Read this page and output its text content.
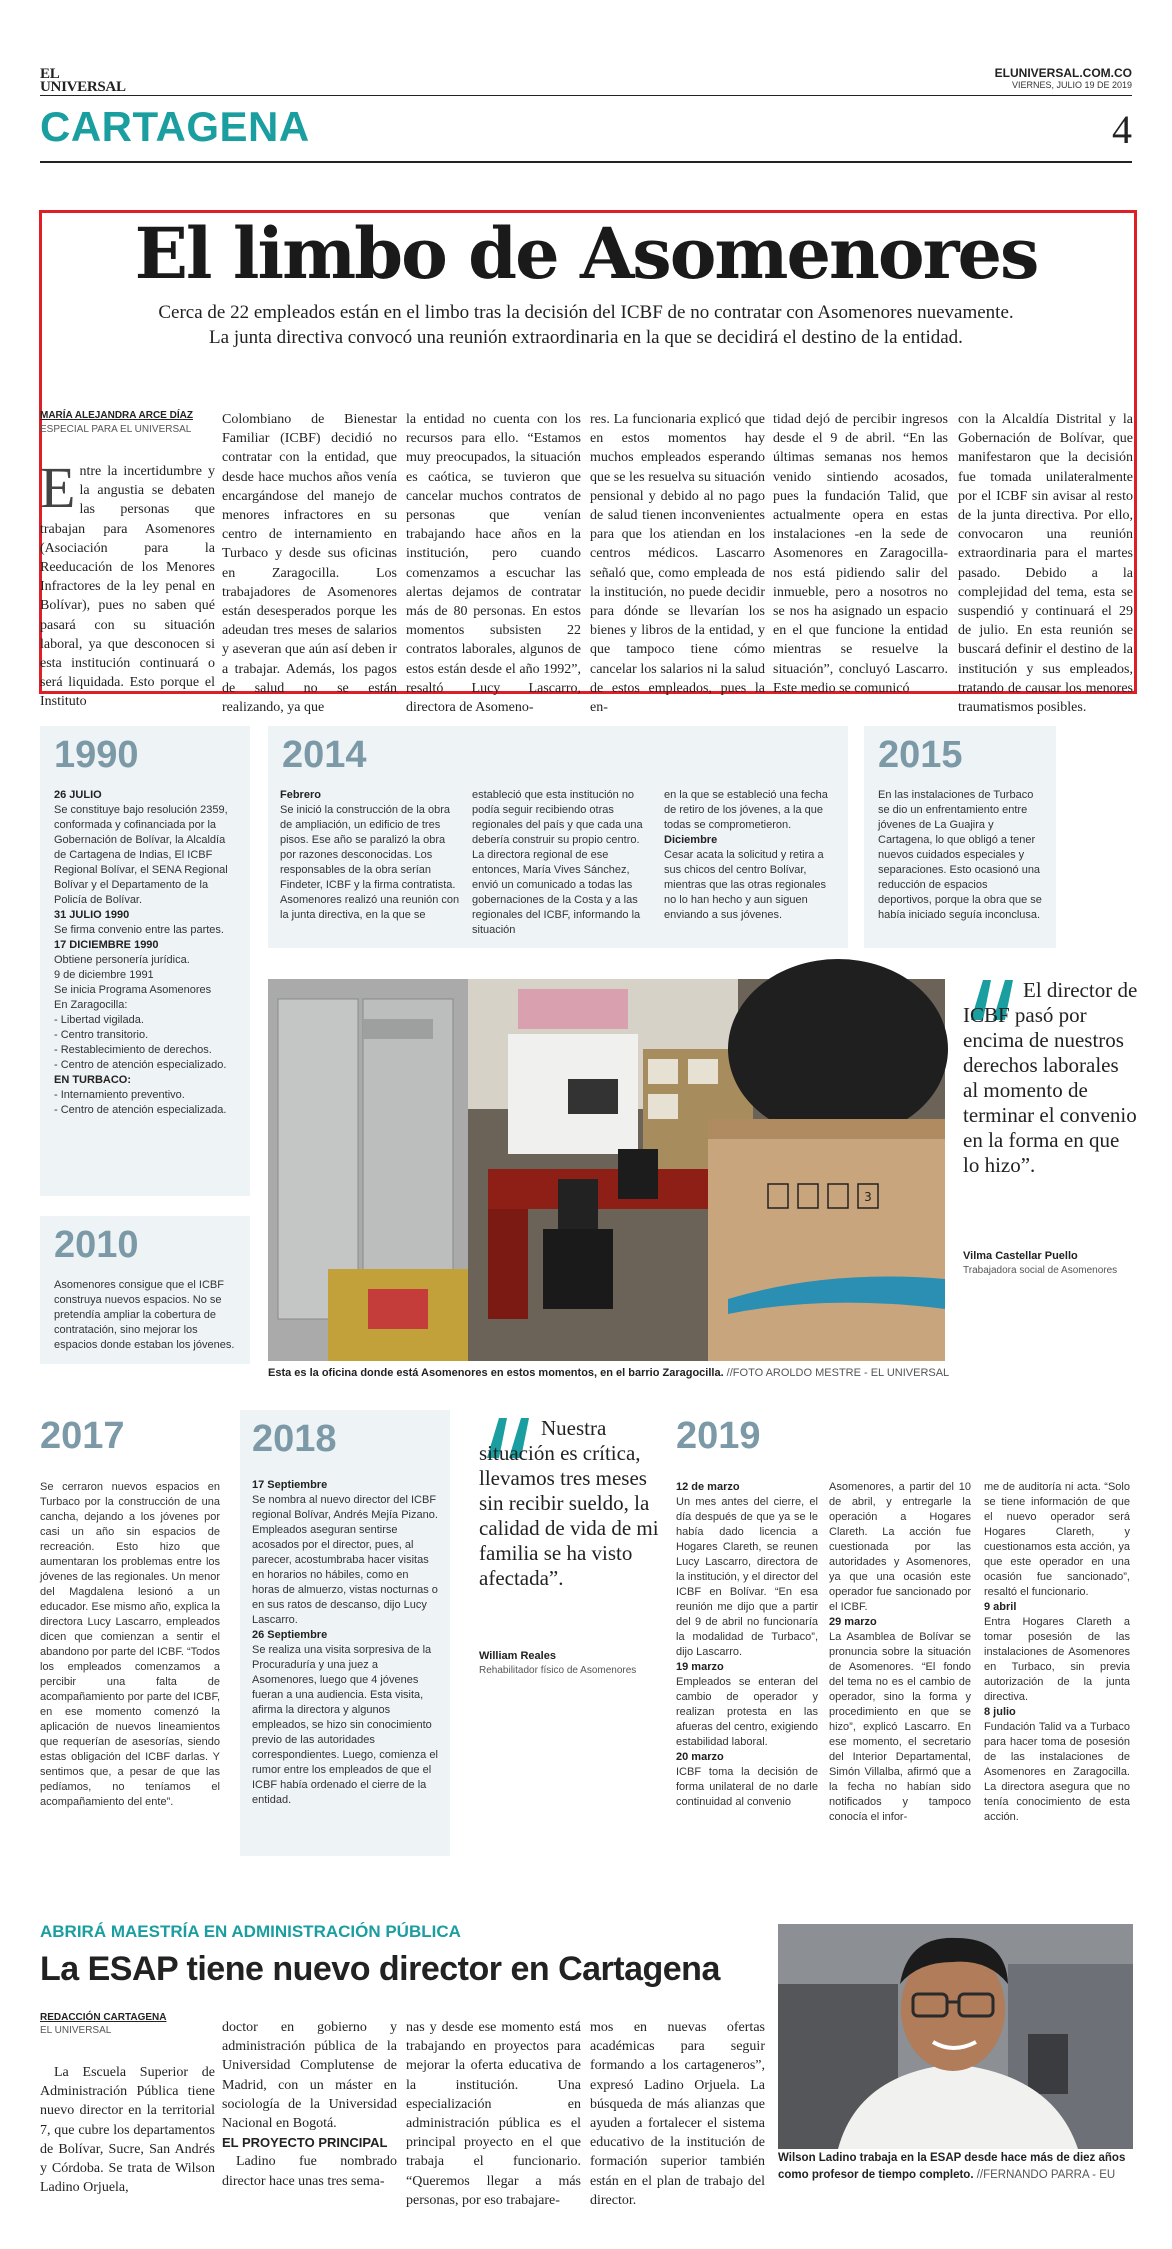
EL
UNIVERSAL
ELUNIVERSAL.COM.CO
VIERNES, JULIO 19 DE 2019
CARTAGENA	4
El limbo de Asomenores
Cerca de 22 empleados están en el limbo tras la decisión del ICBF de no contratar con Asomenores nuevamente.
La junta directiva convocó una reunión extraordinaria en la que se decidirá el destino de la entidad.
MARÍA ALEJANDRA ARCE DÍAZ
ESPECIAL PARA EL UNIVERSAL
Entre la incertidumbre y la angustia se debaten las personas que trabajan para Asomenores (Asociación para la Reeducación de los Menores Infractores de la ley penal en Bolívar), pues no saben qué pasará con su situación laboral, ya que desconocen si esta institución continuará o será liquidada. Esto porque el Instituto
Colombiano de Bienestar Familiar (ICBF) decidió no contratar con la entidad, que desde hace muchos años venía encargándose del manejo de menores infractores en su centro de internamiento en Turbaco y desde sus oficinas en Zaragocilla. Los trabajadores de Asomenores están desesperados porque les adeudan tres meses de salarios y aseveran que aún así deben ir a trabajar. Además, los pagos de salud no se están realizando, ya que
la entidad no cuenta con los recursos para ello. “Estamos muy preocupados, la situación es caótica, se tuvieron que cancelar muchos contratos de personas que venían trabajando hace años en la institución, pero cuando comenzamos a escuchar las alertas dejamos de contratar más de 80 personas. En estos momentos subsisten 22 contratos laborales, algunos de estos están desde el año 1992”, resaltó Lucy Lascarro, directora de Asomeno-
res. La funcionaria explicó que en estos momentos hay muchos empleados esperando que se les resuelva su situación pensional y debido al no pago de salud tienen inconvenientes para que los atiendan en los centros médicos. Lascarro señaló que, como empleada de la institución, no puede decidir para dónde se llevarían los bienes y libros de la entidad, y que tampoco tiene cómo cancelar los salarios ni la salud de estos empleados, pues la en-
tidad dejó de percibir ingresos desde el 9 de abril. “En las últimas semanas nos hemos venido sintiendo acosados, pues la fundación Talid, que actualmente opera en estas instalaciones -en la sede de Asomenores en Zaragocilla- nos está pidiendo salir del inmueble, pero a nosotros no se nos ha asignado un espacio en el que funcione la entidad mientras se resuelve la situación”, concluyó Lascarro. Este medio se comunicó
con la Alcaldía Distrital y la Gobernación de Bolívar, que manifestaron que la decisión fue tomada unilateralmente por el ICBF sin avisar al resto de la junta directiva. Por ello, convocaron una reunión extraordinaria para el martes pasado. Debido a la complejidad del tema, esta se suspendió y continuará el 29 de julio. En esta reunión se buscará definir el destino de la institución y sus empleados, tratando de causar los menores traumatismos posibles.
1990
26 JULIO
Se constituye bajo resolución 2359, conformada y cofinanciada por la Gobernación de Bolívar, la Alcaldía de Cartagena de Indias, El ICBF Regional Bolívar, el SENA Regional Bolívar y el Departamento de la Policía de Bolívar.
31 JULIO 1990
Se firma convenio entre las partes.
17 DICIEMBRE 1990
Obtiene personería jurídica.
9 de diciembre 1991
Se inicia Programa Asomenores
En Zaragocilla:
- Libertad vigilada.
- Centro transitorio.
- Restablecimiento de derechos.
- Centro de atención especializado.
EN TURBACO:
- Internamiento preventivo.
- Centro de atención especializada.
2014
Febrero
Se inició la construcción de la obra de ampliación, un edificio de tres pisos. Ese año se paralizó la obra por razones desconocidas. Los responsables de la obra serían Findeter, ICBF y la firma contratista. Asomenores realizó una reunión con la junta directiva, en la que se
estableció que esta institución no podía seguir recibiendo otras regionales del país y que cada una debería construir su propio centro. La directora regional de ese entonces, María Vives Sánchez, envió un comunicado a todas las gobernaciones de la Costa y a las regionales del ICBF, informando la situación
en la que se estableció una fecha de retiro de los jóvenes, a la que todas se comprometieron.
Diciembre
Cesar acata la solicitud y retira a sus chicos del centro Bolívar, mientras que las otras regionales no lo han hecho y aun siguen enviando a sus jóvenes.
2015
En las instalaciones de Turbaco se dio un enfrentamiento entre jóvenes de La Guajira y Cartagena, lo que obligó a tener nuevos cuidados especiales y separaciones. Esto ocasionó una reducción de espacios deportivos, porque la obra que se había iniciado seguía inconclusa.
2010
Asomenores consigue que el ICBF construya nuevos espacios. No se pretendía ampliar la cobertura de contratación, sino mejorar los espacios donde estaban los jóvenes.
3
Esta es la oficina donde está Asomenores en estos momentos, en el barrio Zaragocilla. //FOTO AROLDO MESTRE - EL UNIVERSAL
El director de ICBF pasó por encima de nuestros derechos laborales al momento de terminar el convenio en la forma en que lo hizo”.
Vilma Castellar Puello
Trabajadora social de Asomenores
2017
Se cerraron nuevos espacios en Turbaco por la construcción de una cancha, dejando a los jóvenes por casi un año sin espacios de recreación. Esto hizo que aumentaran los problemas entre los jóvenes de las regionales. Un menor del Magdalena lesionó a un educador. Ese mismo año, explica la directora Lucy Lascarro, empleados dicen que comienzan a sentir el abandono por parte del ICBF. “Todos los empleados comenzamos a percibir una falta de acompañamiento por parte del ICBF, en ese momento comenzó la aplicación de nuevos lineamientos que requerían de asesorías, siendo estas obligación del ICBF darlas. Y sentimos que, a pesar de que las pedíamos, no teníamos el acompañamiento del ente”.
2018
17 Septiembre
Se nombra al nuevo director del ICBF regional Bolívar, Andrés Mejía Pizano. Empleados aseguran sentirse acosados por el director, pues, al parecer, acostumbraba hacer visitas en horarios no hábiles, como en horas de almuerzo, vistas nocturnas o en sus ratos de descanso, dijo Lucy Lascarro.
26 Septiembre
Se realiza una visita sorpresiva de la Procuraduría y una juez a Asomenores, luego que 4 jóvenes fueran a una audiencia. Esta visita, afirma la directora y algunos empleados, se hizo sin conocimiento previo de las autoridades correspondientes. Luego, comienza el rumor entre los empleados de que el ICBF había ordenado el cierre de la entidad.
Nuestra situación es crítica, llevamos tres meses sin recibir sueldo, la calidad de vida de mi familia se ha visto afectada”.
William Reales
Rehabilitador físico de Asomenores
2019
12 de marzo
Un mes antes del cierre, el día después de que ya se le había dado licencia a Hogares Clareth, se reunen Lucy Lascarro, directora de la institución, y el director del ICBF en Bolívar. “En esa reunión me dijo que a partir del 9 de abril no funcionaría la modalidad de Turbaco”, dijo Lascarro.
19 marzo
Empleados se enteran del cambio de operador y realizan protesta en las afueras del centro, exigiendo estabilidad laboral.
20 marzo
ICBF toma la decisión de forma unilateral de no darle continuidad al convenio
Asomenores, a partir del 10 de abril, y entregarle la operación a Hogares Clareth. La acción fue cuestionada por las autoridades y Asomenores, ya que una ocasión este operador fue sancionado por el ICBF.
29 marzo
La Asamblea de Bolívar se pronuncia sobre la situación de Asomenores. “El fondo del tema no es el cambio de operador, sino la forma y procedimiento en que se hizo”, explicó Lascarro. En ese momento, el secretario del Interior Departamental, Simón Villalba, afirmó que a la fecha no habían sido notificados y tampoco conocía el infor-
me de auditoría ni acta. “Solo se tiene información de que el nuevo operador será Hogares Clareth, y cuestionamos esta acción, ya que este operador en una ocasión fue sancionado”, resaltó el funcionario.
9 abril
Entra Hogares Clareth a tomar posesión de las instalaciones de Asomenores en Turbaco, sin previa autorización de la junta directiva.
8 julio
Fundación Talid va a Turbaco para hacer toma de posesión de las instalaciones de Asomenores en Zaragocilla. La directora asegura que no tenía conocimiento de esta acción.
ABRIRÁ MAESTRÍA EN ADMINISTRACIÓN PÚBLICA
La ESAP tiene nuevo director en Cartagena
REDACCIÓN CARTAGENA
EL UNIVERSAL
La Escuela Superior de Administración Pública tiene nuevo director en la territorial 7, que cubre los departamentos de Bolívar, Sucre, San Andrés y Córdoba. Se trata de Wilson Ladino Orjuela,
doctor en gobierno y administración pública de la Universidad Complutense de Madrid, con un máster en sociología de la Universidad Nacional en Bogotá.

EL PROYECTO PRINCIPAL

Ladino fue nombrado director hace unas tres sema-
nas y desde ese momento está trabajando en proyectos para mejorar la oferta educativa de la institución. Una especialización en administración pública es el principal proyecto en el que trabaja el funcionario. “Queremos llegar a más personas, por eso trabajare-
mos en nuevas ofertas académicas para seguir formando a los cartageneros”, expresó Ladino Orjuela. La búsqueda de más alianzas que ayuden a fortalecer el sistema educativo de la institución de formación superior también están en el plan de trabajo del director.
Wilson Ladino trabaja en la ESAP desde hace más de diez años como profesor de tiempo completo. //FERNANDO PARRA - EU
